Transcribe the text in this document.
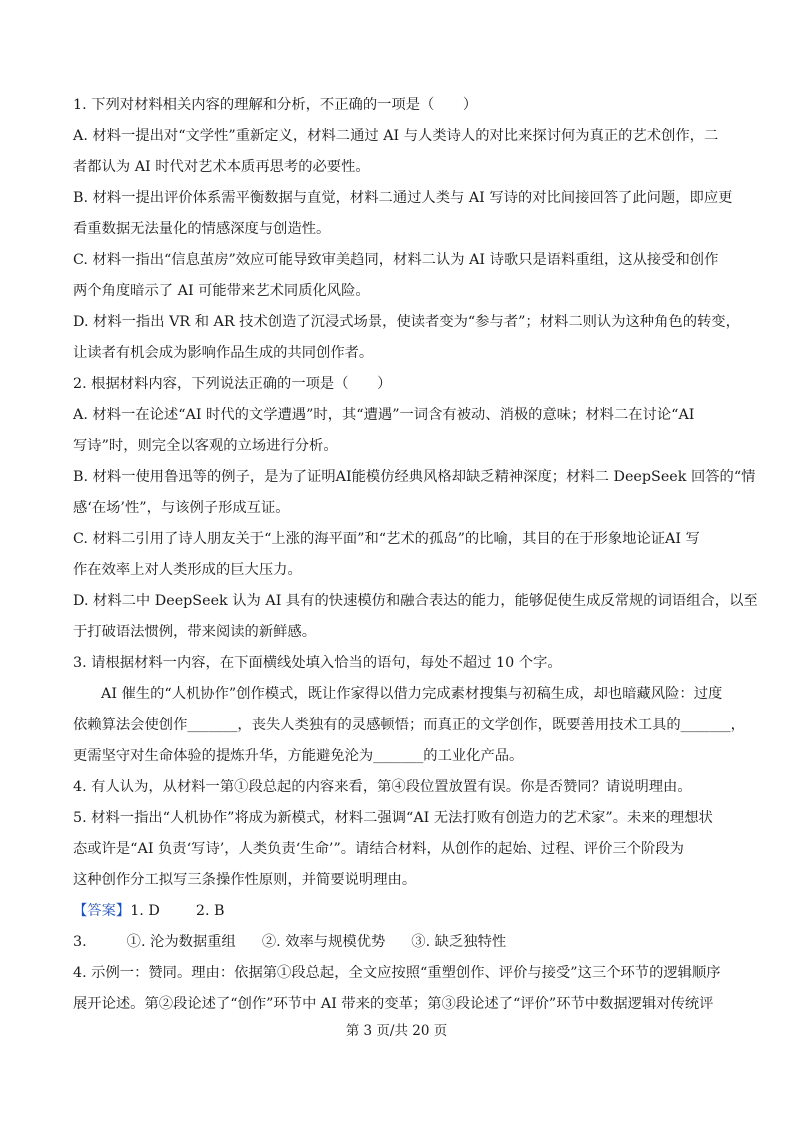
1. 下列对材料相关内容的理解和分析，不正确的一项是（　　）
A. 材料一提出对“文学性”重新定义，材料二通过 AI 与人类诗人的对比来探讨何为真正的艺术创作，二
者都认为 AI 时代对艺术本质再思考的必要性。
B. 材料一提出评价体系需平衡数据与直觉，材料二通过人类与 AI 写诗的对比间接回答了此问题，即应更
看重数据无法量化的情感深度与创造性。
C. 材料一指出“信息茧房”效应可能导致审美趋同，材料二认为 AI 诗歌只是语料重组，这从接受和创作
两个角度暗示了 AI 可能带来艺术同质化风险。
D. 材料一指出 VR 和 AR 技术创造了沉浸式场景，使读者变为“参与者”；材料二则认为这种角色的转变，
让读者有机会成为影响作品生成的共同创作者。
2. 根据材料内容，下列说法正确的一项是（　　）
A. 材料一在论述“AI 时代的文学遭遇”时，其“遭遇”一词含有被动、消极的意味；材料二在讨论“AI
写诗”时，则完全以客观的立场进行分析。
B. 材料一使用鲁迅等的例子，是为了证明AI能模仿经典风格却缺乏精神深度；材料二 DeepSeek 回答的“情
感‘在场’性”，与该例子形成互证。
C. 材料二引用了诗人朋友关于“上涨的海平面”和“艺术的孤岛”的比喻，其目的在于形象地论证AI 写
作在效率上对人类形成的巨大压力。
D. 材料二中 DeepSeek 认为 AI 具有的快速模仿和融合表达的能力，能够促使生成反常规的词语组合，以至
于打破语法惯例，带来阅读的新鲜感。
3. 请根据材料一内容，在下面横线处填入恰当的语句，每处不超过 10 个字。
AI 催生的“人机协作”创作模式，既让作家得以借力完成素材搜集与初稿生成，却也暗藏风险：过度
依赖算法会使创作_______，丧失人类独有的灵感顿悟；而真正的文学创作，既要善用技术工具的_______，
更需坚守对生命体验的提炼升华，方能避免沦为_______的工业化产品。
4. 有人认为，从材料一第①段总起的内容来看，第④段位置放置有误。你是否赞同？请说明理由。
5. 材料一指出“人机协作”将成为新模式，材料二强调“AI 无法打败有创造力的艺术家”。未来的理想状
态或许是“AI 负责‘写诗’，人类负责‘生命’”。请结合材料，从创作的起始、过程、评价三个阶段为
这种创作分工拟写三条操作性原则，并简要说明理由。
【答案】 1. D	2. B
3.	①. 沦为数据重组 ②. 效率与规模优势 ③. 缺乏独特性
4. 示例一：赞同。理由：依据第①段总起，全文应按照“重塑创作、评价与接受”这三个环节的逻辑顺序
展开论述。第②段论述了“创作”环节中 AI 带来的变革；第③段论述了“评价”环节中数据逻辑对传统评
第 3 页/共 20 页
